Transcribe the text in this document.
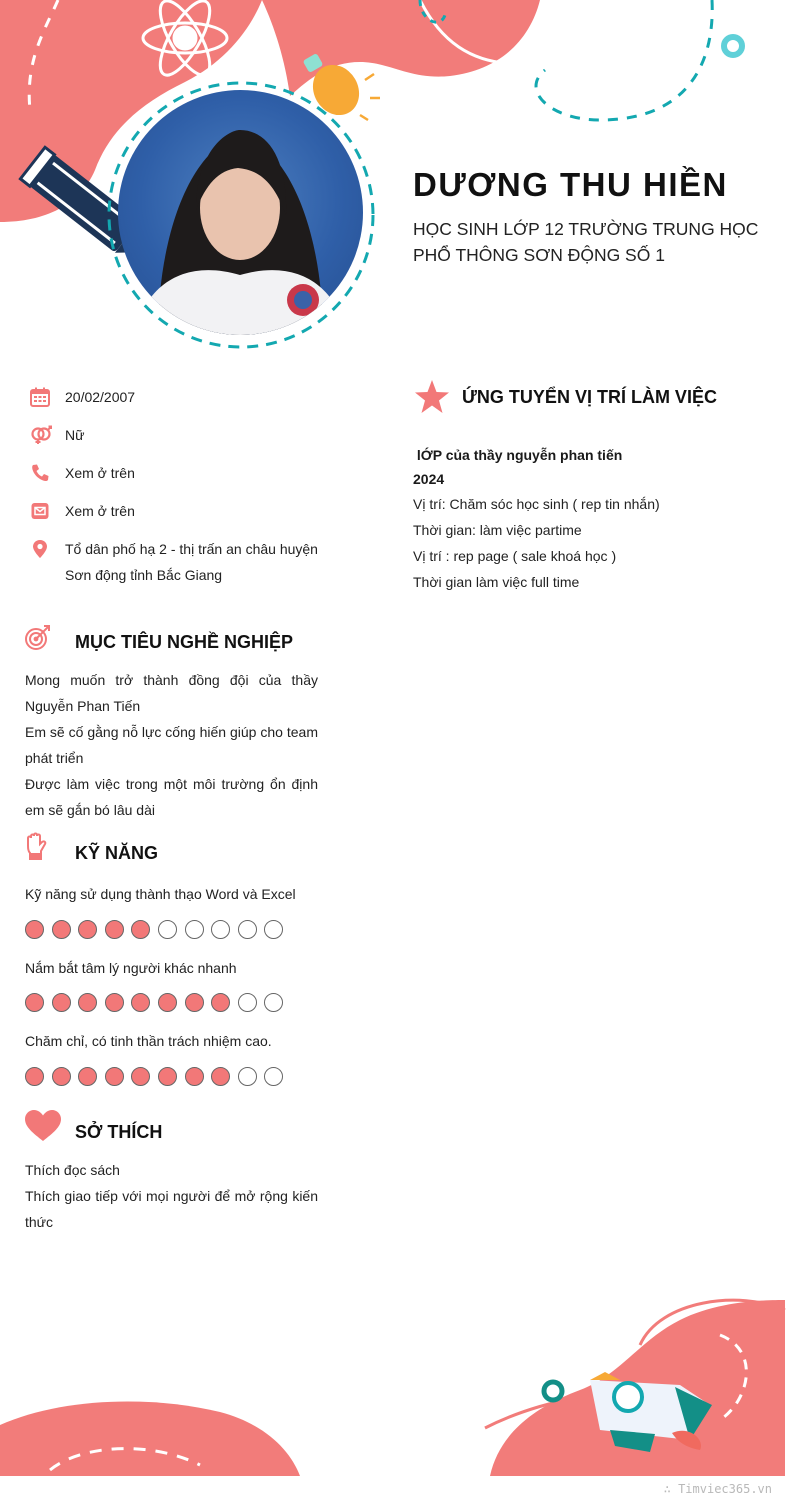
DƯƠNG THU HIỀN
HỌC SINH LỚP 12 TRƯỜNG TRUNG HỌC PHỔ THÔNG SƠN ĐỘNG SỐ 1
20/02/2007
Nữ
Xem ở trên
Xem ở trên
Tổ dân phố hạ 2 - thị trấn an châu huyện Sơn động tỉnh Bắc Giang
MỤC TIÊU NGHỀ NGHIỆP
Mong muốn trở thành đồng đội của thầy Nguyễn Phan Tiến
Em sẽ cố gằng nỗ lực cống hiến giúp cho team phát triển
Được làm việc trong một môi trường ổn định em sẽ gắn bó lâu dài
KỸ NĂNG
Kỹ năng sử dụng thành thạo Word và Excel
Nắm bắt tâm lý người khác nhanh
Chăm chỉ, có tinh thần trách nhiệm cao.
SỞ THÍCH
Thích đọc sách
Thích giao tiếp với mọi người để mở rộng kiến thức
ỨNG TUYỂN VỊ TRÍ LÀM VIỆC
lỚP của thầy nguyễn phan tiến
2024
Vị trí: Chăm sóc học sinh ( rep tin nhắn)
Thời gian: làm việc partime
Vị trí : rep page ( sale khoá học )
Thời gian làm việc full time
∴ Timviec365.vn
